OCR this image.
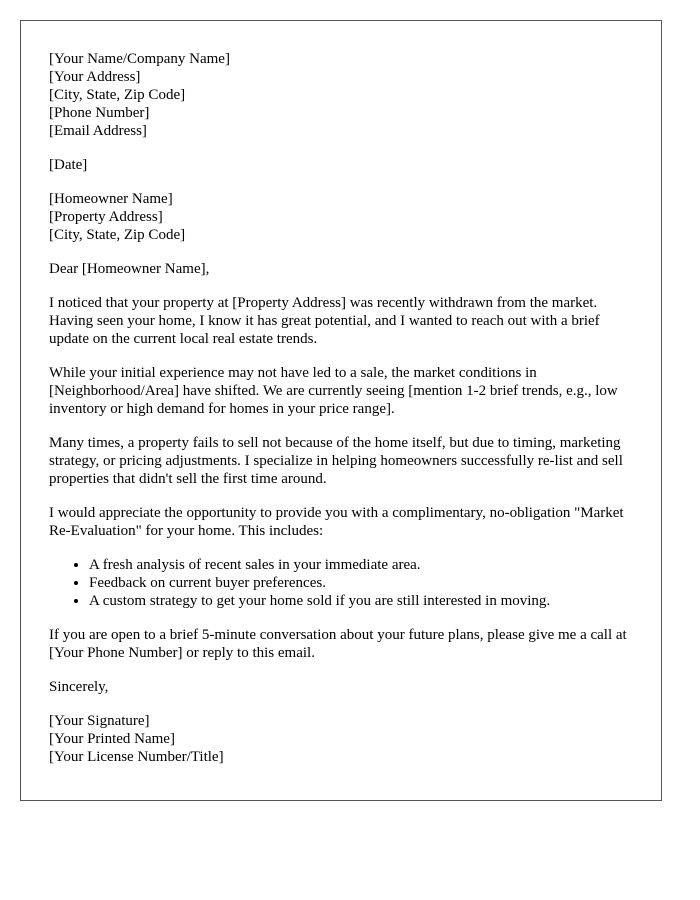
[Your Name/Company Name]
[Your Address]
[City, State, Zip Code]
[Phone Number]
[Email Address]
[Date]
[Homeowner Name]
[Property Address]
[City, State, Zip Code]

Dear [Homeowner Name],

I noticed that your property at [Property Address] was recently withdrawn from the market. Having seen your home, I know it has great potential, and I wanted to reach out with a brief update on the current local real estate trends.

While your initial experience may not have led to a sale, the market conditions in [Neighborhood/Area] have shifted. We are currently seeing [mention 1-2 brief trends, e.g., low inventory or high demand for homes in your price range].

Many times, a property fails to sell not because of the home itself, but due to timing, marketing strategy, or pricing adjustments. I specialize in helping homeowners successfully re-list and sell properties that didn't sell the first time around.

I would appreciate the opportunity to provide you with a complimentary, no-obligation "Market Re-Evaluation" for your home. This includes:

• A fresh analysis of recent sales in your immediate area.
• Feedback on current buyer preferences.
• A custom strategy to get your home sold if you are still interested in moving.

If you are open to a brief 5-minute conversation about your future plans, please give me a call at [Your Phone Number] or reply to this email.

Sincerely,

[Your Signature]
[Your Printed Name]
[Your License Number/Title]
